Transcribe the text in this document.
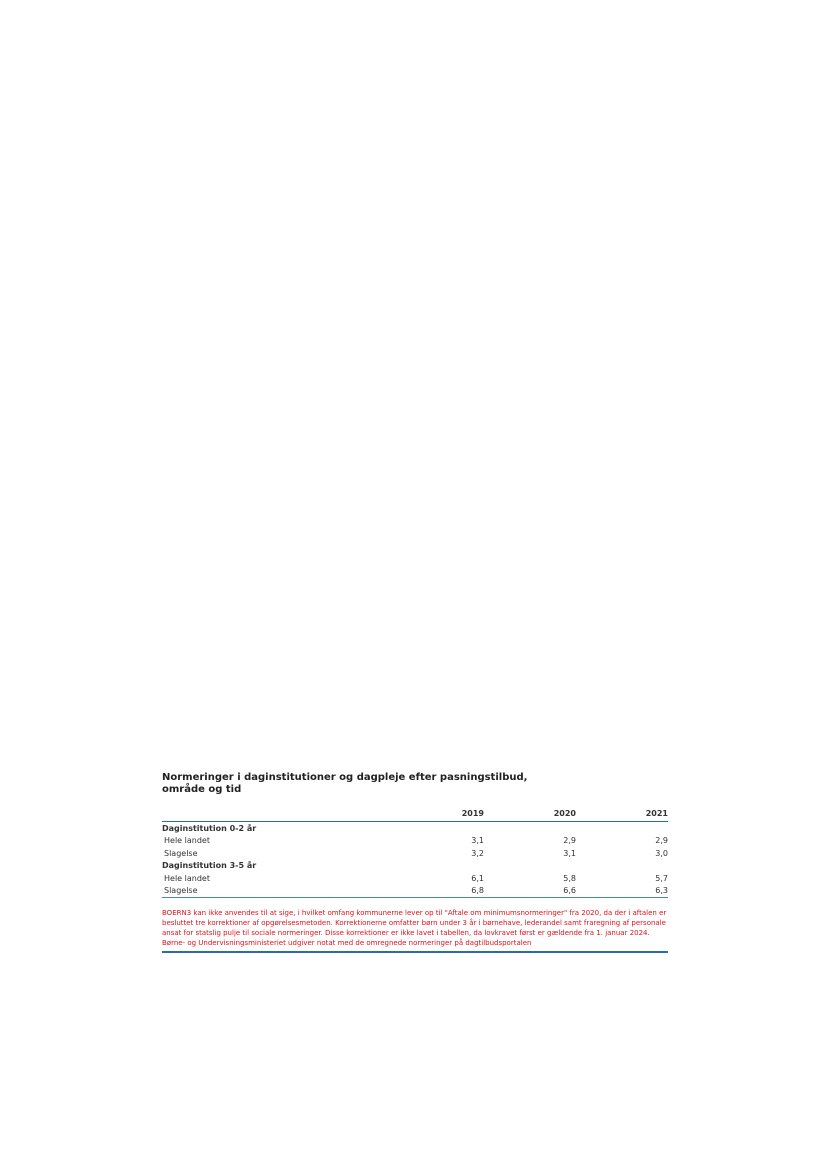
Normeringer i daginstitutioner og dagpleje efter pasningstilbud, område og tid
2019	2020	2021
Daginstitution 0-2 år
Hele landet	3,1	2,9	2,9
Slagelse	3,2	3,1	3,0
Daginstitution 3-5 år
Hele landet	6,1	5,8	5,7
Slagelse	6,8	6,6	6,3
BOERN3 kan ikke anvendes til at sige, i hvilket omfang kommunerne lever op til "Aftale om minimumsnormeringer" fra 2020, da der i aftalen er besluttet tre korrektioner af opgørelsesmetoden. Korrektionerne omfatter børn under 3 år i børnehave, lederandel samt fraregning af personale ansat for statslig pulje til sociale normeringer. Disse korrektioner er ikke lavet i tabellen, da lovkravet først er gældende fra 1. januar 2024. Børne- og Undervisningsministeriet udgiver notat med de omregnede normeringer på dagtilbudsportalen
